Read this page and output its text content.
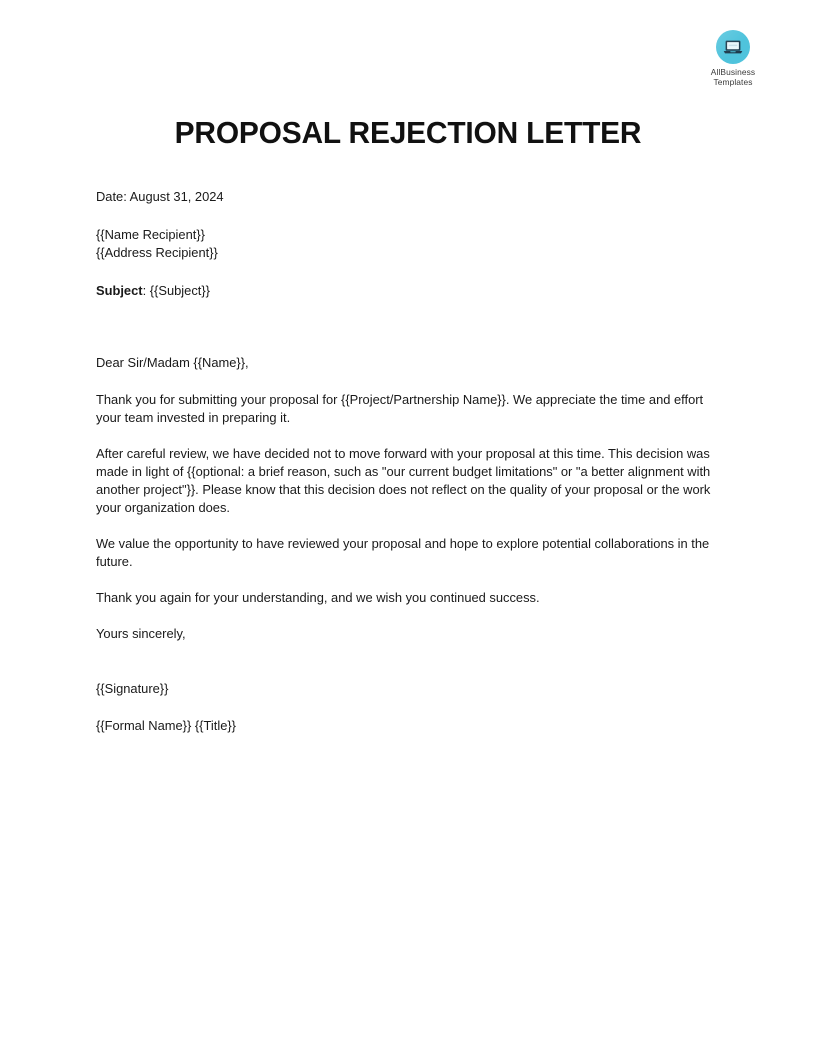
AllBusiness
Templates
PROPOSAL REJECTION LETTER

Date: August 31, 2024

{{Name Recipient}}

{{Address Recipient}}

Subject: {{Subject}}

Dear Sir/Madam {{Name}},

Thank you for submitting your proposal for {{Project/Partnership Name}}. We appreciate the time and effort your team invested in preparing it.

After careful review, we have decided not to move forward with your proposal at this time. This decision was made in light of {{optional: a brief reason, such as "our current budget limitations" or "a better alignment with another project"}}. Please know that this decision does not reflect on the quality of your proposal or the work your organization does.

We value the opportunity to have reviewed your proposal and hope to explore potential collaborations in the future.

Thank you again for your understanding, and we wish you continued success.

Yours sincerely,

{{Signature}}

{{Formal Name}} {{Title}}
